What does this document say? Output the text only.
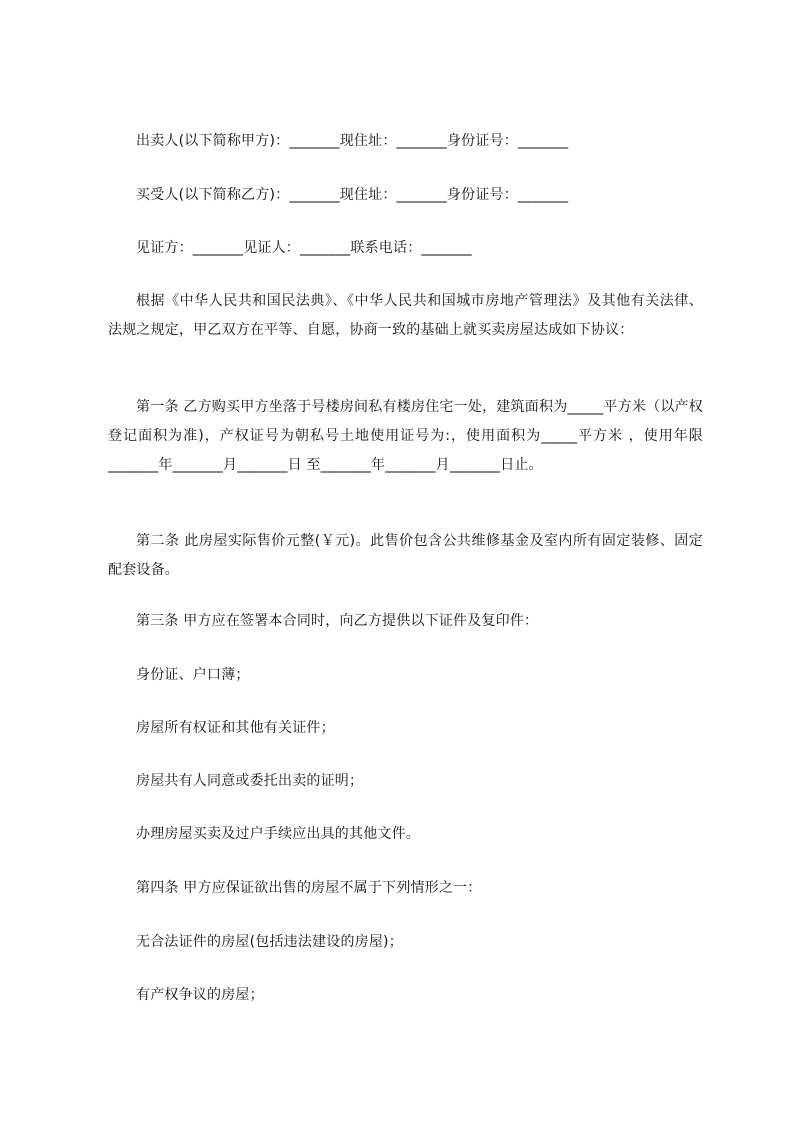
出卖人(以下简称甲方)：_______现住址：_______身份证号：_______
买受人(以下简称乙方)：_______现住址：_______身份证号：_______
见证方：_______见证人：_______联系电话：_______
根据《中华人民共和国民法典》、《中华人民共和国城市房地产管理法》及其他有关法律、法规之规定，甲乙双方在平等、自愿，协商一致的基础上就买卖房屋达成如下协议：
第一条 乙方购买甲方坐落于号楼房间私有楼房住宅一处，建筑面积为_____平方米（以产权登记面积为准)，产权证号为朝私号土地使用证号为:，使用面积为_____平方米 ，使用年限_______年_______月_______日 至_______年_______月_______日止。
第二条 此房屋实际售价元整(￥元)。此售价包含公共维修基金及室内所有固定装修、固定配套设备。
第三条 甲方应在签署本合同时，向乙方提供以下证件及复印件：
身份证、户口薄；
房屋所有权证和其他有关证件；
房屋共有人同意或委托出卖的证明；
办理房屋买卖及过户手续应出具的其他文件。
第四条 甲方应保证欲出售的房屋不属于下列情形之一：
无合法证件的房屋(包括违法建设的房屋)；
有产权争议的房屋；
